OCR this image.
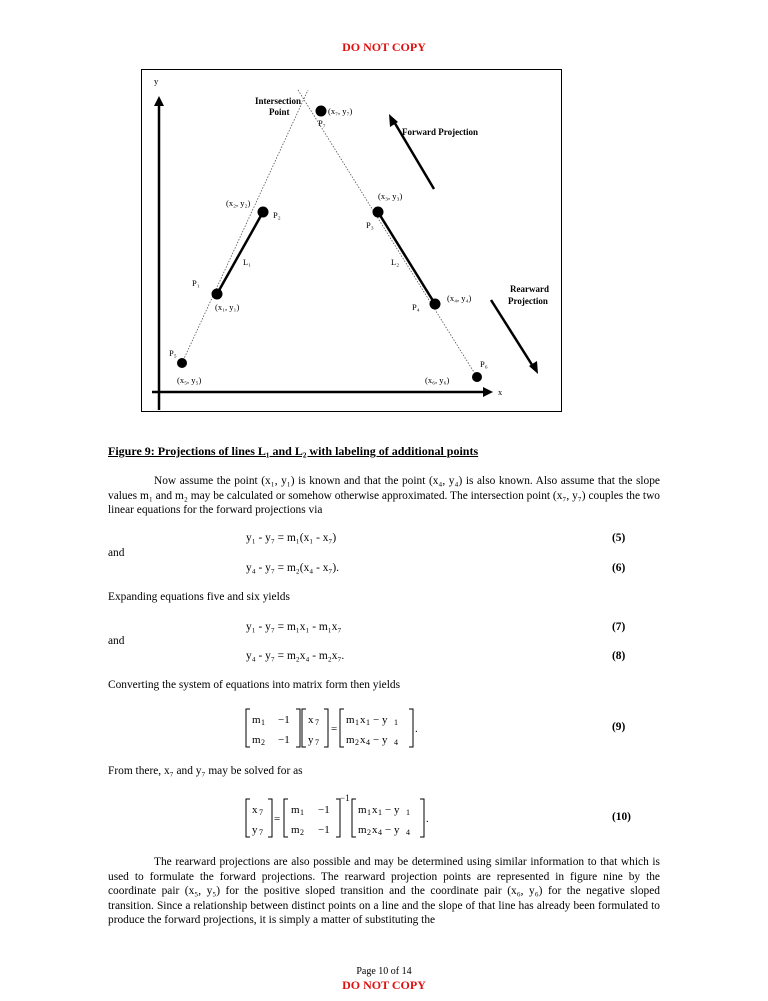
DO NOT COPY
y
x
Intersection
Point	(x₇, y₇)
P₇
Forward Projection
Rearward
Projection
(x₂, y₂)
P₂
(x₃, y₃)
P₃
L₁	L₂
P₁
(x₁, y₁)	P₄
(x₄, y₄)
P₅
(x₅, y₅)
P₆
(x₆, y₆)
Figure 9: Projections of lines L₁ and L₂ with labeling of additional points
Now assume the point (x₁, y₁) is known and that the point (x₄, y₄) is also known. Also assume that the slope values m₁ and m₂ may be calculated or somehow otherwise approximated. The intersection point (x₇, y₇) couples the two linear equations for the forward projections via
y₁ - y₇ = m₁(x₁ - x₇)	(5)
and
y₄ - y₇ = m₂(x₄ - x₇).	(6)
Expanding equations five and six yields
y₁ - y₇ = m₁x₁ - m₁x₇	(7)
and
y₄ - y₇ = m₂x₄ - m₂x₇.	(8)
Converting the system of equations into matrix form then yields
m 1 −1
m 2 −1
x 7
y 7
=
m 1 x 1 − y 1
m 2 x 4 − y 4
.	(9)
From there, x₇ and y₇ may be solved for as
x 7
y 7
=
m 1 −1
m 2 −1
−1
m 1 x 1 − y 1
m 2 x 4 − y 4
.	(10)
The rearward projections are also possible and may be determined using similar information to that which is used to formulate the forward projections. The rearward projection points are represented in figure nine by the coordinate pair (x₅, y₅) for the positive sloped transition and the coordinate pair (x₆, y₆) for the negative sloped transition. Since a relationship between distinct points on a line and the slope of that line has already been formulated to produce the forward projections, it is simply a matter of substituting the
Page 10 of 14
DO NOT COPY
